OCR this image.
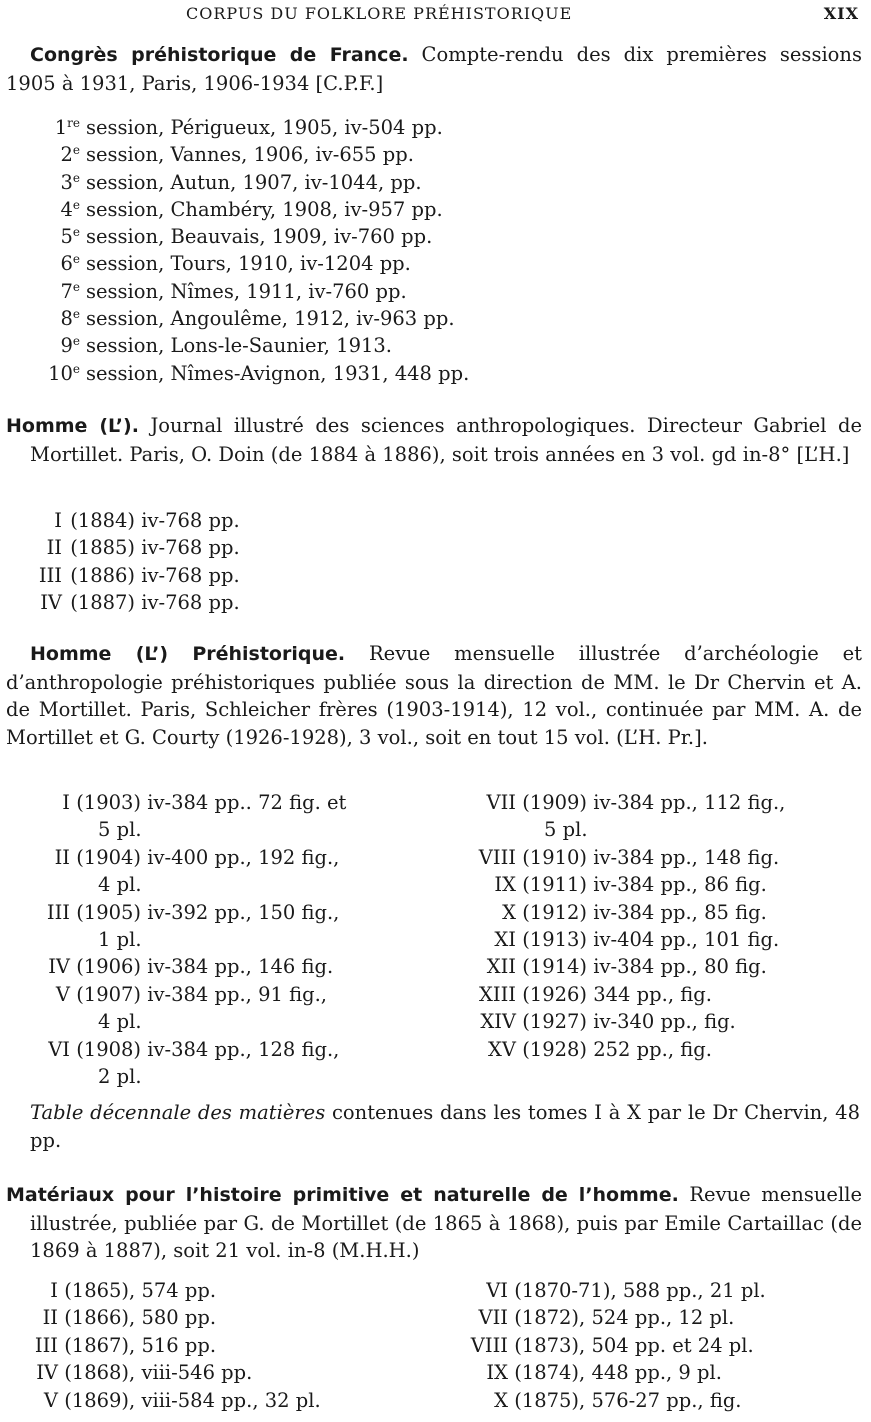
CORPUS DU FOLKLORE PRÉHISTORIQUE	XIX
Congrès préhistorique de France. Compte-rendu des dix premières sessions 1905 à 1931, Paris, 1906-1934 [C.P.F.]
1re session, Périgueux, 1905, iv-504 pp.
2e session, Vannes, 1906, iv-655 pp.
3e session, Autun, 1907, iv-1044, pp.
4e session, Chambéry, 1908, iv-957 pp.
5e session, Beauvais, 1909, iv-760 pp.
6e session, Tours, 1910, iv-1204 pp.
7e session, Nîmes, 1911, iv-760 pp.
8e session, Angoulême, 1912, iv-963 pp.
9e session, Lons-le-Saunier, 1913.
10e session, Nîmes-Avignon, 1931, 448 pp.
Homme (L’). Journal illustré des sciences anthropologiques. Directeur Gabriel de Mortillet. Paris, O. Doin (de 1884 à 1886), soit trois années en 3 vol. gd in-8° [L’H.]
I (1884) iv-768 pp.
II (1885) iv-768 pp.
III (1886) iv-768 pp.
IV (1887) iv-768 pp.
Homme (L’) Préhistorique. Revue mensuelle illustrée d’archéologie et d’anthropologie préhistoriques publiée sous la direction de MM. le Dr Chervin et A. de Mortillet. Paris, Schleicher frères (1903-1914), 12 vol., continuée par MM. A. de Mortillet et G. Courty (1926-1928), 3 vol., soit en tout 15 vol. (L’H. Pr.].
I (1903) iv-384 pp.. 72 fig. et
5 pl.
II (1904) iv-400 pp., 192 fig.,
4 pl.
III (1905) iv-392 pp., 150 fig.,
1 pl.
IV (1906) iv-384 pp., 146 fig.
V (1907) iv-384 pp., 91 fig.,
4 pl.
VI (1908) iv-384 pp., 128 fig.,
2 pl.
VII (1909) iv-384 pp., 112 fig.,
5 pl.
VIII (1910) iv-384 pp., 148 fig.
IX (1911) iv-384 pp., 86 fig.
X (1912) iv-384 pp., 85 fig.
XI (1913) iv-404 pp., 101 fig.
XII (1914) iv-384 pp., 80 fig.
XIII (1926) 344 pp., fig.
XIV (1927) iv-340 pp., fig.
XV (1928) 252 pp., fig.
Table décennale des matières contenues dans les tomes I à X par le Dr Chervin, 48 pp.
Matériaux pour l’histoire primitive et naturelle de l’homme. Revue mensuelle illustrée, publiée par G. de Mortillet (de 1865 à 1868), puis par Emile Cartaillac (de 1869 à 1887), soit 21 vol. in-8 (M.H.H.)
I (1865), 574 pp.
II (1866), 580 pp.
III (1867), 516 pp.
IV (1868), viii-546 pp.
V (1869), viii-584 pp., 32 pl.
VI (1870-71), 588 pp., 21 pl.
VII (1872), 524 pp., 12 pl.
VIII (1873), 504 pp. et 24 pl.
IX (1874), 448 pp., 9 pl.
X (1875), 576-27 pp., fig.
